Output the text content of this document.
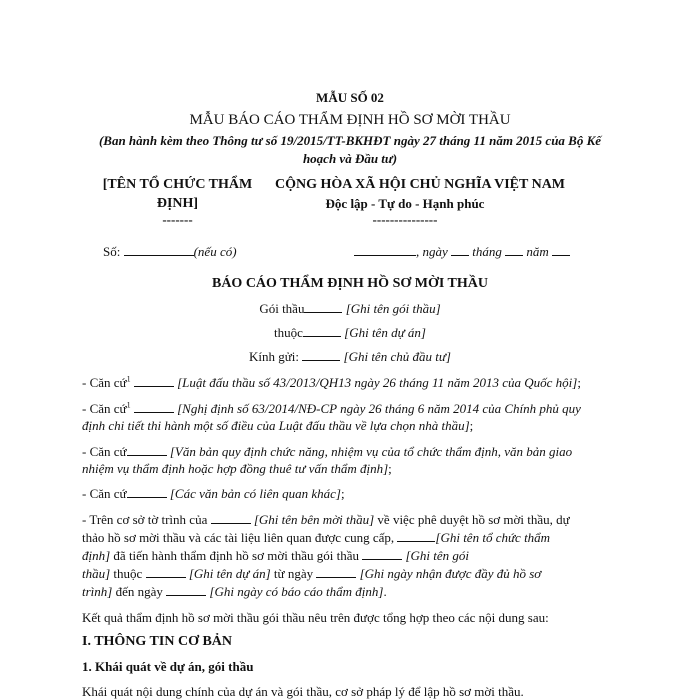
MẪU SỐ 02
MẪU BÁO CÁO THẨM ĐỊNH HỒ SƠ MỜI THẦU
(Ban hành kèm theo Thông tư số 19/2015/TT-BKHĐT ngày 27 tháng 11 năm 2015 của Bộ Kế
hoạch và Đầu tư)
[TÊN TỔ CHỨC THẨM
ĐỊNH]
-------
CỘNG HÒA XÃ HỘI CHỦ NGHĨA VIỆT NAM
Độc lập - Tự do - Hạnh phúc
---------------
Số:	(nếu có)	, ngày tháng năm
BÁO CÁO THẨM ĐỊNH HỒ SƠ MỜI THẦU
Gói thầu	[Ghi tên gói thầu]
thuộc	[Ghi tên dự án]
Kính gửi:	[Ghi tên chủ đầu tư]
- Căn cứ$^1$	[Luật đấu thầu số 43/2013/QH13 ngày 26 tháng 11 năm 2013 của Quốc hội];
- Căn cứ$^1$	[Nghị định số 63/2014/NĐ-CP ngày 26 tháng 6 năm 2014 của Chính phủ quy
định chi tiết thi hành một số điều của Luật đấu thầu về lựa chọn nhà thầu];
- Căn cứ	[Văn bản quy định chức năng, nhiệm vụ của tổ chức thẩm định, văn bản giao
nhiệm vụ thẩm định hoặc hợp đồng thuê tư vấn thẩm định];
- Căn cứ	[Các văn bản có liên quan khác];
- Trên cơ sở tờ trình của	[Ghi tên bên mời thầu] về việc phê duyệt hồ sơ mời thầu, dự
thảo hồ sơ mời thầu và các tài liệu liên quan được cung cấp,	[Ghi tên tổ chức thẩm
định] đã tiến hành thẩm định hồ sơ mời thầu gói thầu	[Ghi tên gói
thầu] thuộc	[Ghi tên dự án] từ ngày	[Ghi ngày nhận được đầy đủ hồ sơ
trình] đến ngày	[Ghi ngày có báo cáo thẩm định].
Kết quả thẩm định hồ sơ mời thầu gói thầu nêu trên được tổng hợp theo các nội dung sau:
I. THÔNG TIN CƠ BẢN
1. Khái quát về dự án, gói thầu
Khái quát nội dung chính của dự án và gói thầu, cơ sở pháp lý để lập hồ sơ mời thầu.
